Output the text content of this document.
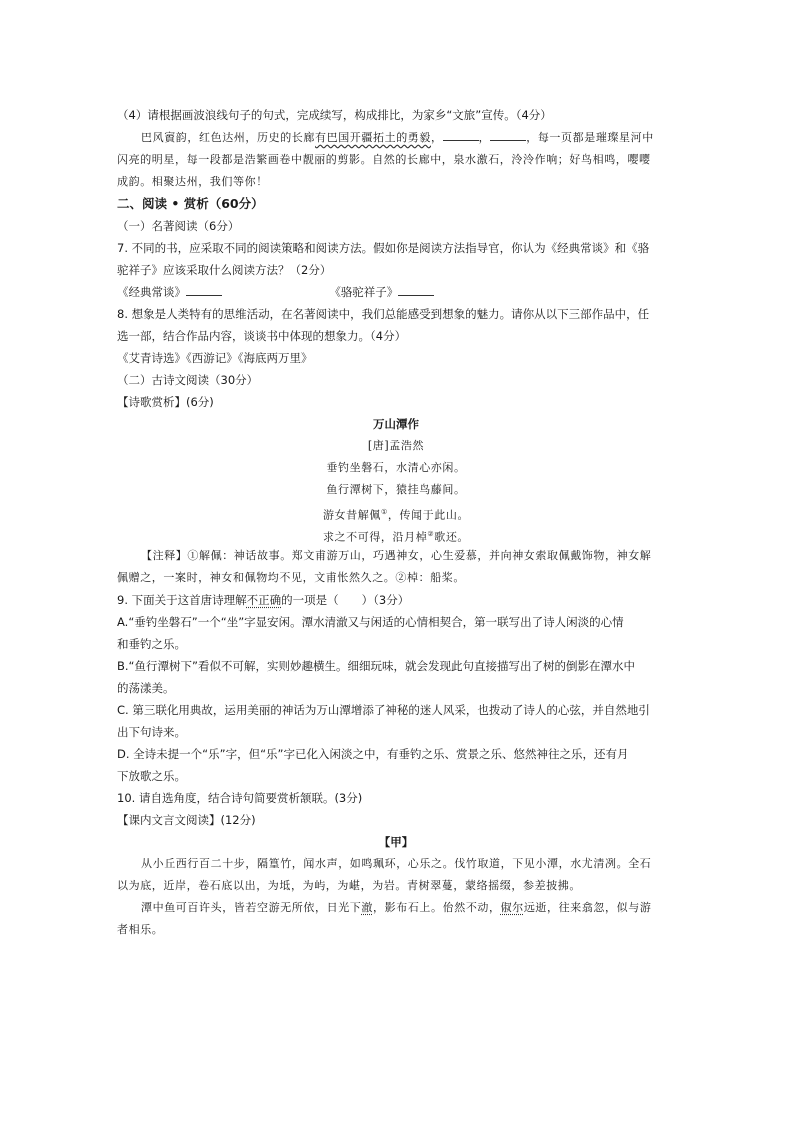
（4）请根据画波浪线句子的句式，完成续写，构成排比，为家乡“文旅”宣传。（4分）
巴风賨韵，红色达州，历史的长廊有巴国开疆拓土的勇毅，	，	，每一页都是璀璨星河中
闪亮的明星，每一段都是浩繁画卷中靓丽的剪影。自然的长廊中，泉水激石，泠泠作响；好鸟相鸣，嘤嘤
成韵。相聚达州，我们等你！
二、阅读 • 赏析（60分）
（一）名著阅读（6分）
7. 不同的书，应采取不同的阅读策略和阅读方法。假如你是阅读方法指导官，你认为《经典常谈》和《骆
驼祥子》应该采取什么阅读方法？（2分）
《经典常谈》	《骆驼祥子》
8. 想象是人类特有的思维活动，在名著阅读中，我们总能感受到想象的魅力。请你从以下三部作品中，任
选一部，结合作品内容，谈谈书中体现的想象力。（4分）
《艾青诗选》《西游记》《海底两万里》
（二）古诗文阅读（30分）
【诗歌赏析】(6分)
万山潭作
[唐]孟浩然
垂钓坐磐石，水清心亦闲。
鱼行潭树下，猿挂鸟藤间。
游女昔解佩①，传闻于此山。
求之不可得，沿月棹②歌还。
【注释】①解佩：神话故事。郑文甫游万山，巧遇神女，心生爱慕，并向神女索取佩戴饰物，神女解
佩赠之，一案时，神女和佩物均不见，文甫怅然久之。②棹：船桨。
9. 下面关于这首唐诗理解不正确的一项是（　　）（3分）
A.“垂钓坐磐石”一个“坐”字显安闲。潭水清澈又与闲适的心情相契合，第一联写出了诗人闲淡的心情
和垂钓之乐。
B.“鱼行潭树下”看似不可解，实则妙趣横生。细细玩味，就会发现此句直接描写出了树的倒影在潭水中
的荡漾美。
C. 第三联化用典故，运用美丽的神话为万山潭增添了神秘的迷人风采，也拨动了诗人的心弦，并自然地引
出下句诗来。
D. 全诗未提一个“乐”字，但“乐”字已化入闲淡之中，有垂钓之乐、赏景之乐、悠然神往之乐，还有月
下放歌之乐。
10. 请自选角度，结合诗句简要赏析颔联。(3分)
【课内文言文阅读】(12分)
【甲】
从小丘西行百二十步，隔篁竹，闻水声，如鸣珮环，心乐之。伐竹取道，下见小潭，水尤清冽。全石
以为底，近岸，卷石底以出，为坻，为屿，为嵁，为岩。青树翠蔓，蒙络摇缀，参差披拂。
潭中鱼可百许头，皆若空游无所依，日光下澈，影布石上。佁然不动，俶尔远逝，往来翕忽，似与游
者相乐。
